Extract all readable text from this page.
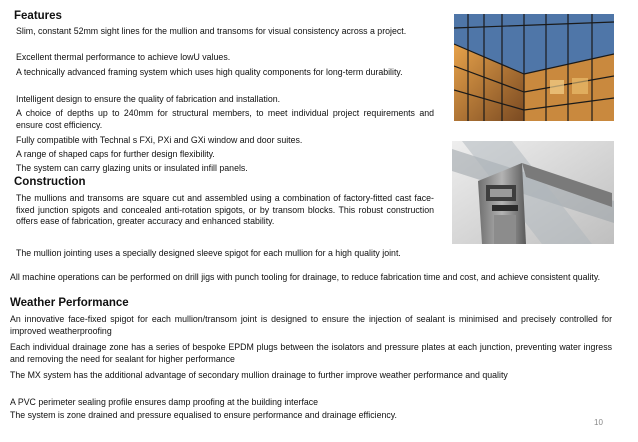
Features

Slim, constant 52mm sight lines for the mullion and transoms for visual consistency across a project.

Excellent thermal performance to achieve lowU values.

A technically advanced framing system which uses high quality components for long-term durability.

Intelligent design to ensure the quality of fabrication and installation.

A choice of depths up to 240mm for structural members, to meet individual project requirements and ensure cost efficiency.

Fully compatible with Technal s FXi, PXi and GXi window and door suites.

A range of shaped caps for further design flexibility.

The system can carry glazing units or insulated infill panels.

Construction

The mullions and transoms are square cut and assembled using a combination of factory-fitted cast face-fixed junction spigots and concealed anti-rotation spigots, or by transom blocks. This robust construction offers ease of fabrication, greater accuracy and enhanced stability.

The mullion jointing uses a specially designed sleeve spigot for each mullion for a high quality joint.

All machine operations can be performed on drill jigs with punch tooling for drainage, to reduce fabrication time and cost, and achieve consistent quality.

Weather Performance

An innovative face-fixed spigot for each mullion/transom joint is designed to ensure the injection of sealant is minimised and precisely controlled for improved weatherproofing

Each individual drainage zone has a series of bespoke EPDM plugs between the isolators and pressure plates at each junction, preventing water ingress and removing the need for sealant for higher performance

The MX system has the additional advantage of secondary mullion drainage to further improve weather performance and quality

A PVC perimeter sealing profile ensures damp proofing at the building interface

The system is zone drained and pressure equalised to ensure performance and drainage efficiency.

10
